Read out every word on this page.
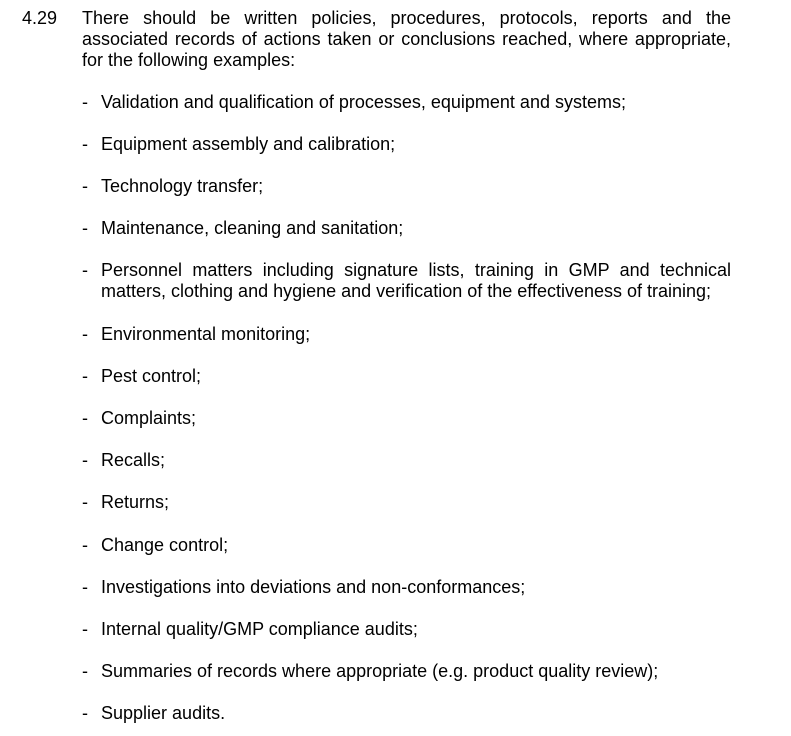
4.29 There should be written policies, procedures, protocols, reports and the associated records of actions taken or conclusions reached, where appropriate, for the following examples:
- Validation and qualification of processes, equipment and systems;
- Equipment assembly and calibration;
- Technology transfer;
- Maintenance, cleaning and sanitation;
- Personnel matters including signature lists, training in GMP and technical matters, clothing and hygiene and verification of the effectiveness of training;
- Environmental monitoring;
- Pest control;
- Complaints;
- Recalls;
- Returns;
- Change control;
- Investigations into deviations and non-conformances;
- Internal quality/GMP compliance audits;
- Summaries of records where appropriate (e.g. product quality review);
- Supplier audits.
